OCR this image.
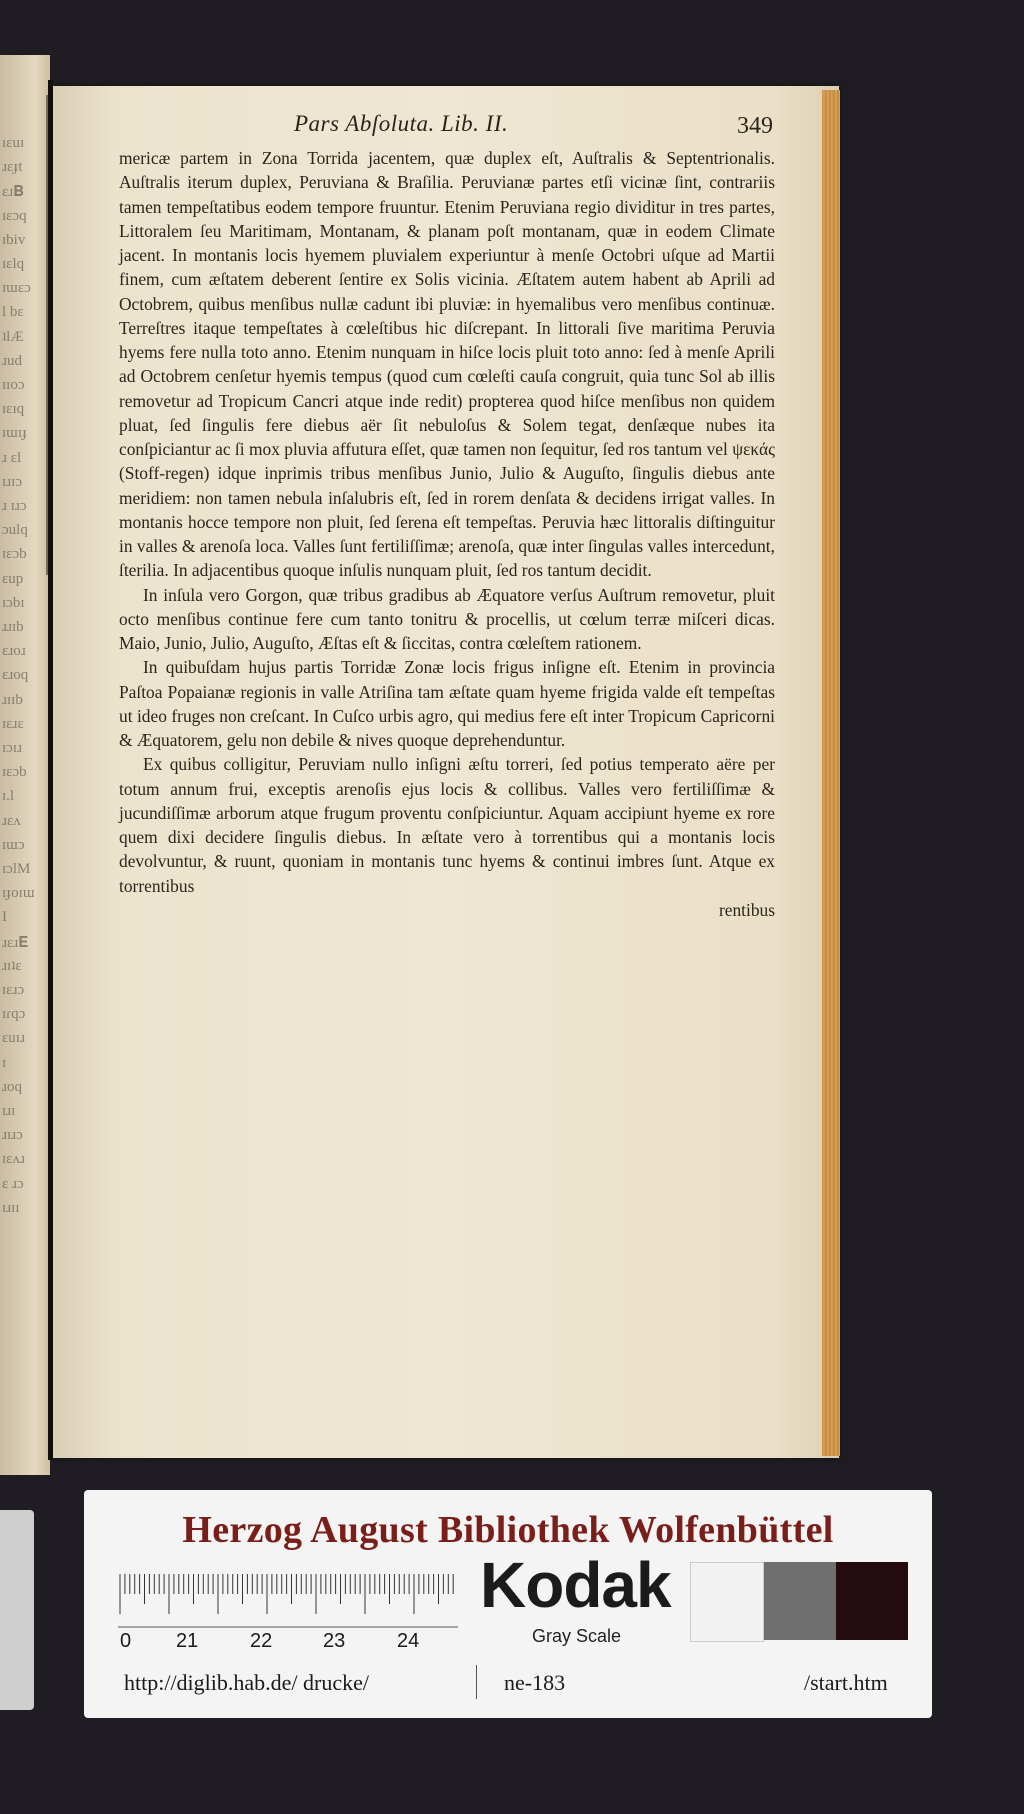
ıɛuɪ
ɹɛɟt
ɛɹ𝐁
ɪɛɔq
ɪbiv
ɪɛlq
ɪɯɛɔ
l bɛ
ʇlÆ
ɹud
ɪɪoɔ
ɪɛɪq
ɪɯɪɟ
ɹ ɛl
ɪɹɪɔ
ɹ ɪɹɔ
ɔulq
ɪɛɔb
ɛup
ɪɔbɪ
ɹɹɪb
ɛɹoɹ
ɛɹoq
ɹɪɪb
ɪɛɹɛ
ɪɔɪɹ
ɪɛɔb
ɪ.l
ɹɛʌ
ɪɯɔ
ɪɔlM
ɪɟoɪɯ
I
ɹɛɹ𝐄
ɹɪʇɛ
ɪɛɹɔ
ɪɾqɔ
ɛuɪɹ
ɪ
ɹoq
ɪɹɪ
ɹɪɹɔ
ɪɛʌɹ
ɛ ɹɔ
ɪɹɪɪ
Pars Abſoluta. Lib. II.	349

mericæ partem in Zona Torrida jacentem, quæ duplex eſt, Auſtralis & Septentrionalis. Auſtralis iterum duplex, Peruviana & Braſilia. Peruvianæ partes etſi vicinæ ſint, contrariis tamen tempeſtatibus eodem tempore fruuntur. Etenim Peruviana regio dividitur in tres partes, Littoralem ſeu Maritimam, Montanam, & planam poſt montanam, quæ in eodem Climate jacent. In montanis locis hyemem pluvialem experiuntur à menſe Octobri uſque ad Martii finem, cum æſtatem deberent ſentire ex Solis vicinia. Æſtatem autem habent ab Aprili ad Octobrem, quibus menſibus nullæ cadunt ibi pluviæ: in hyemalibus vero menſibus continuæ. Terreſtres itaque tempeſtates à cœleſtibus hic diſcrepant. In littorali ſive maritima Peruvia hyems fere nulla toto anno. Etenim nunquam in hiſce locis pluit toto anno: ſed à menſe Aprili ad Octobrem cenſetur hyemis tempus (quod cum cœleſti cauſa congruit, quia tunc Sol ab illis removetur ad Tropicum Cancri atque inde redit) propterea quod hiſce menſibus non quidem pluat, ſed ſingulis fere diebus aër ſit nebuloſus & Solem tegat, denſæque nubes ita conſpiciantur ac ſi mox pluvia affutura eſſet, quæ tamen non ſequitur, ſed ros tantum vel ψεκάς (Stoff-regen) idque inprimis tribus menſibus Junio, Julio & Auguſto, ſingulis diebus ante meridiem: non tamen nebula inſalubris eſt, ſed in rorem denſata & decidens irrigat valles. In montanis hocce tempore non pluit, ſed ſerena eſt tempeſtas. Peruvia hæc littoralis diſtinguitur in valles & arenoſa loca. Valles ſunt fertiliſſimæ; arenoſa, quæ inter ſingulas valles intercedunt, ſterilia. In adjacentibus quoque inſulis nunquam pluit, ſed ros tantum decidit.

In inſula vero Gorgon, quæ tribus gradibus ab Æquatore verſus Auſtrum removetur, pluit octo menſibus continue fere cum tanto tonitru & procellis, ut cœlum terræ miſceri dicas. Maio, Junio, Julio, Auguſto, Æſtas eſt & ſiccitas, contra cœleſtem rationem.

In quibuſdam hujus partis Torridæ Zonæ locis frigus inſigne eſt. Etenim in provincia Paſtoa Popaianæ regionis in valle Atriſina tam æſtate quam hyeme frigida valde eſt tempeſtas ut ideo fruges non creſcant. In Cuſco urbis agro, qui medius fere eſt inter Tropicum Capricorni & Æquatorem, gelu non debile & nives quoque deprehenduntur.

Ex quibus colligitur, Peruviam nullo inſigni æſtu torreri, ſed potius temperato aëre per totum annum frui, exceptis arenoſis ejus locis & collibus. Valles vero fertiliſſimæ & jucundiſſimæ arborum atque frugum proventu conſpiciuntur. Aquam accipiunt hyeme ex rore quem dixi decidere ſingulis diebus. In æſtate vero à torrentibus qui a montanis locis devolvuntur, & ruunt, quoniam in montanis tunc hyems & continui imbres ſunt. Atque ex torrentibus

rentibus

Herzog August Bibliothek Wolfenbüttel
0 21	22	23	24
Kodak
Gray Scale
http://diglib.hab.de/ drucke/	ne-183	/start.htm
